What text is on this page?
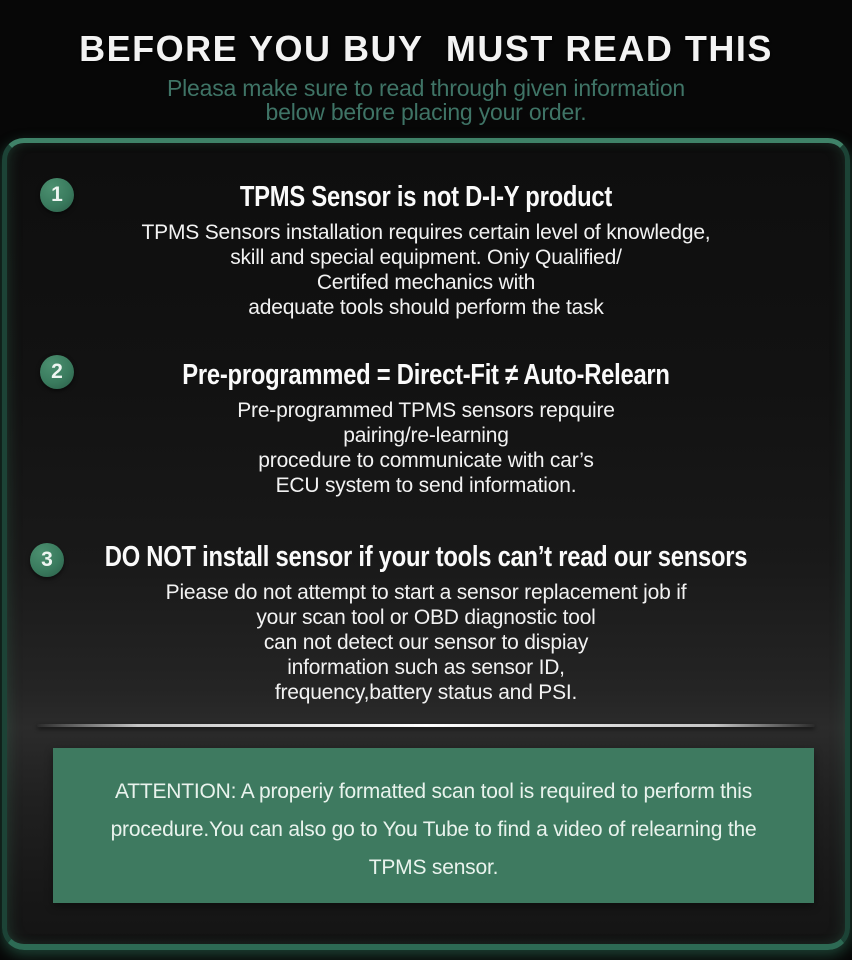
BEFORE YOU BUY  MUST READ THIS
Pleasa make sure to read through given information
below before placing your order.
1
2
3
TPMS Sensor is not D-I-Y product
TPMS Sensors installation requires certain level of knowledge,
skill and special equipment. Oniy Qualified/
Certifed mechanics with
adequate tools should perform the task
Pre-programmed = Direct-Fit ≠ Auto-Relearn
Pre-programmed TPMS sensors repquire
pairing/re-learning
procedure to communicate with car’s
ECU system to send information.
DO NOT install sensor if your tools can’t read our sensors
Piease do not attempt to start a sensor replacement job if
your scan tool or OBD diagnostic tool
can not detect our sensor to dispiay
information such as sensor ID,
frequency,battery status and PSI.
ATTENTION: A properiy formatted scan tool is required to perform this
procedure.You can also go to You Tube to find a video of relearning the
TPMS sensor.
